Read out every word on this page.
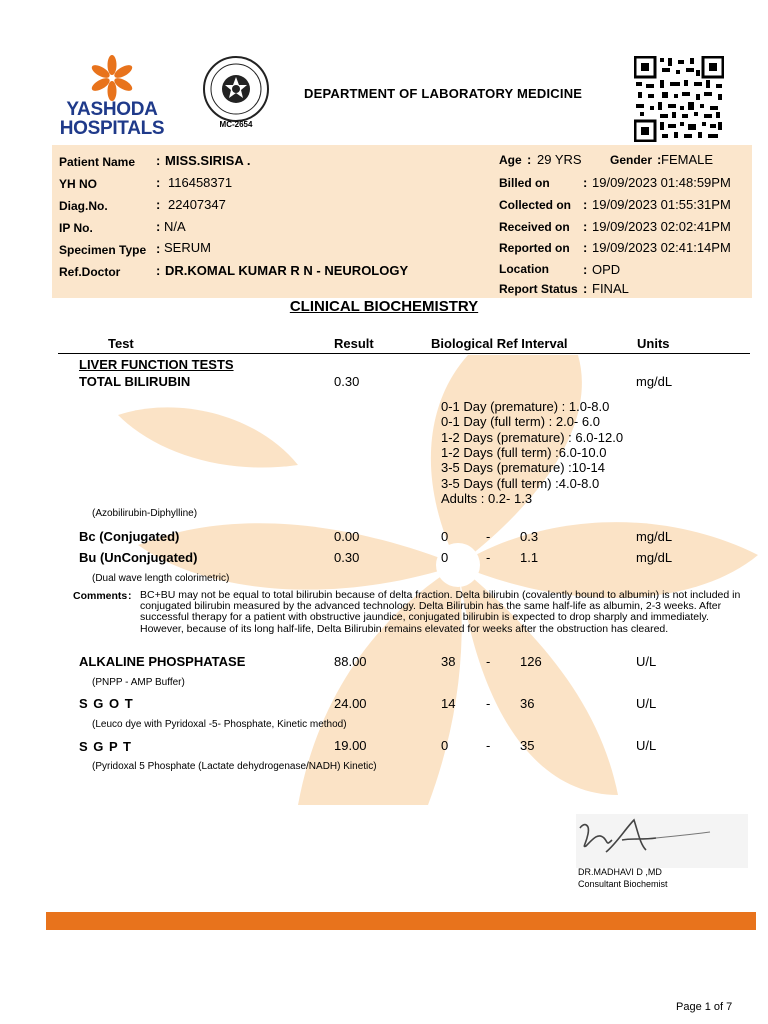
YASHODA
HOSPITALS	MC-2654
DEPARTMENT OF LABORATORY MEDICINE
Patient Name : MISS.SIRISA .
YH NO	: 116458371
Diag.No.	: 22407347
IP No.	: N/A
Specimen Type : SERUM
Ref.Doctor	: DR.KOMAL KUMAR R N - NEUROLOGY
Age : 29 YRS Gender : FEMALE
Billed on	: 19/09/2023 01:48:59PM
Collected on : 19/09/2023 01:55:31PM
Received on : 19/09/2023 02:02:41PM
Reported on : 19/09/2023 02:41:14PM
Location	: OPD
Report Status : FINAL
CLINICAL BIOCHEMISTRY
Test	Result	Biological Ref Interval	Units
LIVER FUNCTION TESTS
TOTAL BILIRUBIN	0.30	mg/dL
0-1 Day (premature) : 1.0-8.0
0-1 Day (full term) : 2.0- 6.0
1-2 Days (premature) : 6.0-12.0
1-2 Days (full term) :6.0-10.0
3-5 Days (premature) :10-14
3-5 Days (full term) :4.0-8.0
Adults : 0.2- 1.3
(Azobilirubin-Diphylline)
Bc (Conjugated)	0.00	0	- 0.3	mg/dL
Bu (UnConjugated)	0.30	0	- 1.1	mg/dL
(Dual wave length colorimetric)
Comments : BC+BU may not be equal to total bilirubin because of delta fraction. Delta bilirubin (covalently bound to albumin) is not included in conjugated bilirubin measured by the advanced technology. Delta Bilirubin has the same half-life as albumin, 2-3 weeks. After successful therapy for a patient with obstructive jaundice, conjugated bilirubin is expected to drop sharply and immediately. However, because of its long half-life, Delta Bilirubin remains elevated for weeks after the obstruction has cleared.
ALKALINE PHOSPHATASE	88.00	38 - 126	U/L
(PNPP - AMP Buffer)
S G O T	24.00	14 - 36	U/L
(Leuco dye with Pyridoxal -5- Phosphate, Kinetic method)
S G P T	19.00	0	- 35	U/L
(Pyridoxal 5 Phosphate (Lactate dehydrogenase/NADH) Kinetic)
DR.MADHAVI D ,MD
Consultant Biochemist
Page 1 of 7
